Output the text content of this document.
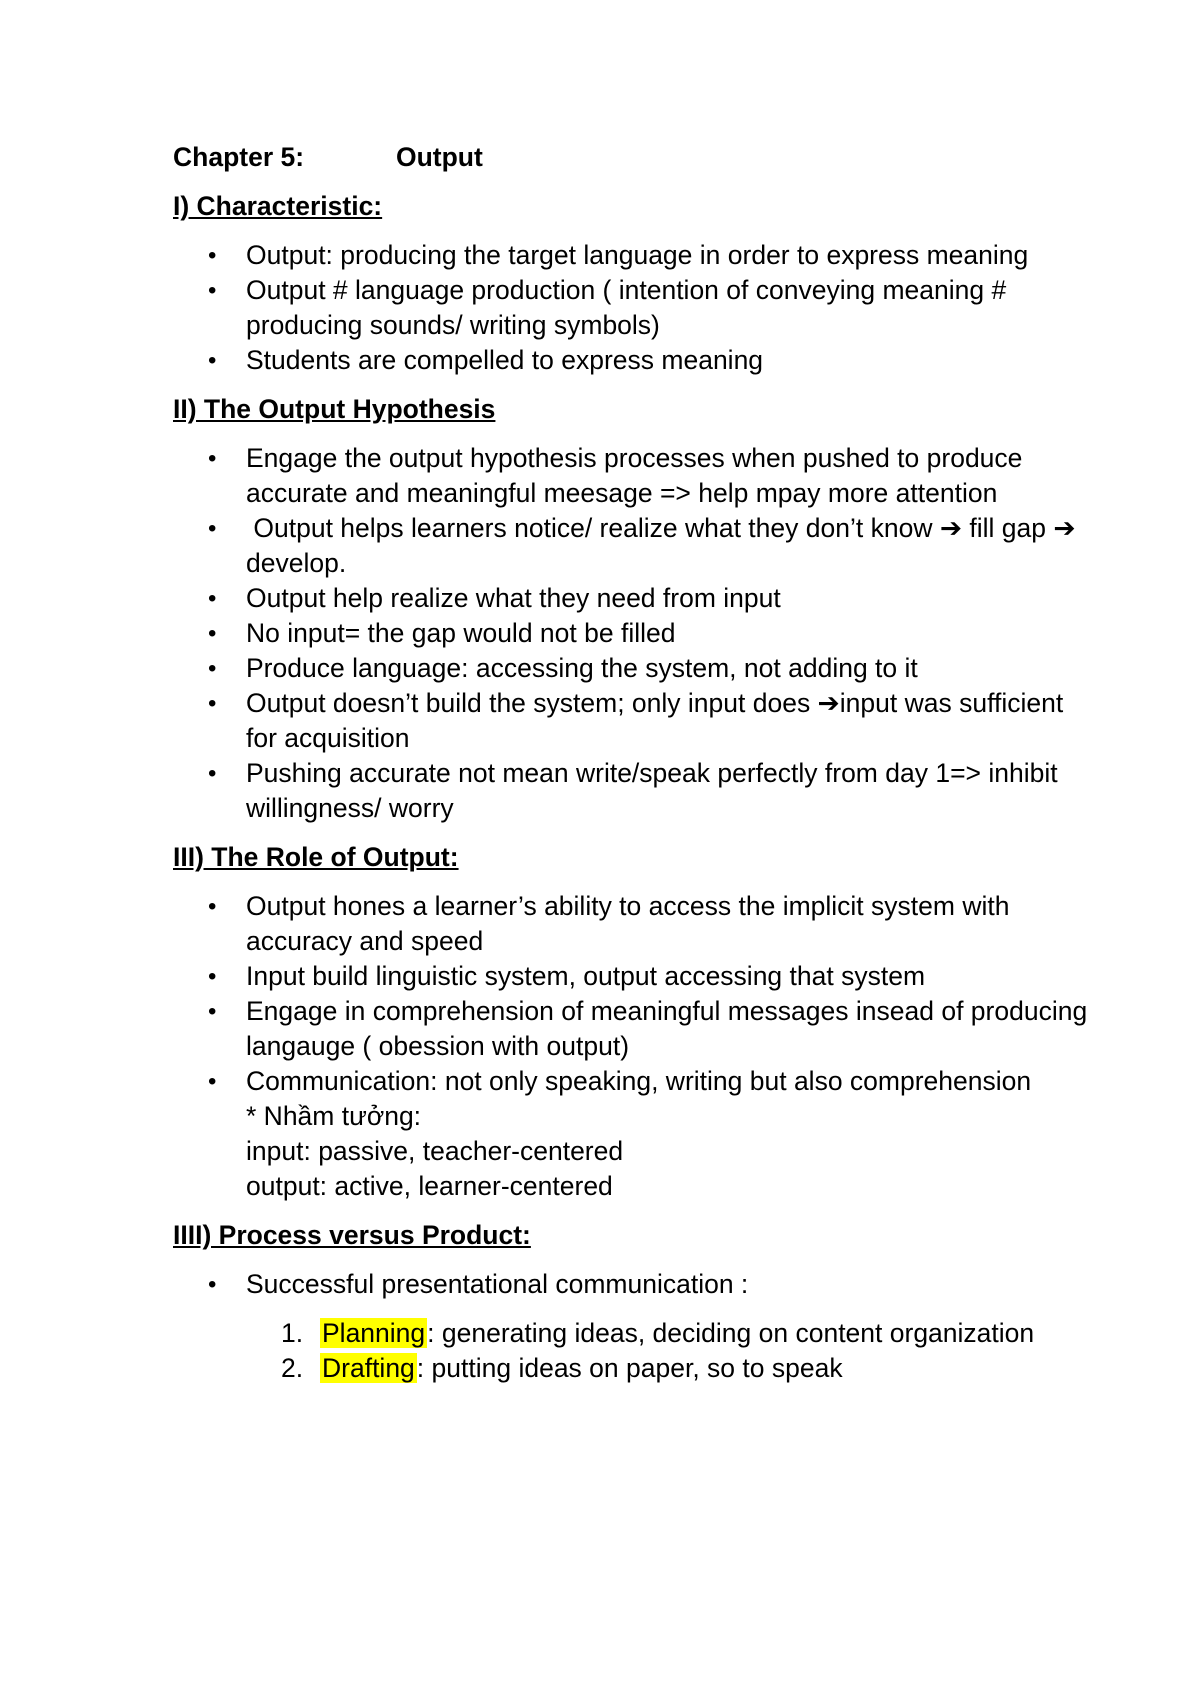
Chapter 5:	Output
I) Characteristic:
• Output: producing the target language in order to express meaning
• Output # language production ( intention of conveying meaning # producing sounds/ writing symbols)
• Students are compelled to express meaning
II) The Output Hypothesis
• Engage the output hypothesis processes when pushed to produce accurate and meaningful meesage => help mpay more attention
•  Output helps learners notice/ realize what they don’t know ➔ fill gap ➔ develop.
• Output help realize what they need from input
• No input= the gap would not be filled
• Produce language: accessing the system, not adding to it
• Output doesn’t build the system; only input does ➔input was sufficient for acquisition
• Pushing accurate not mean write/speak perfectly from day 1=> inhibit willingness/ worry
III) The Role of Output:
• Output hones a learner’s ability to access the implicit system with accuracy and speed
• Input build linguistic system, output accessing that system
• Engage in comprehension of meaningful messages insead of producing langauge ( obession with output)
• Communication: not only speaking, writing but also comprehension
* Nhầm tưởng:
input: passive, teacher-centered
output: active, learner-centered
IIII) Process versus Product:
• Successful presentational communication :
1. Planning: generating ideas, deciding on content organization
2. Drafting: putting ideas on paper, so to speak
